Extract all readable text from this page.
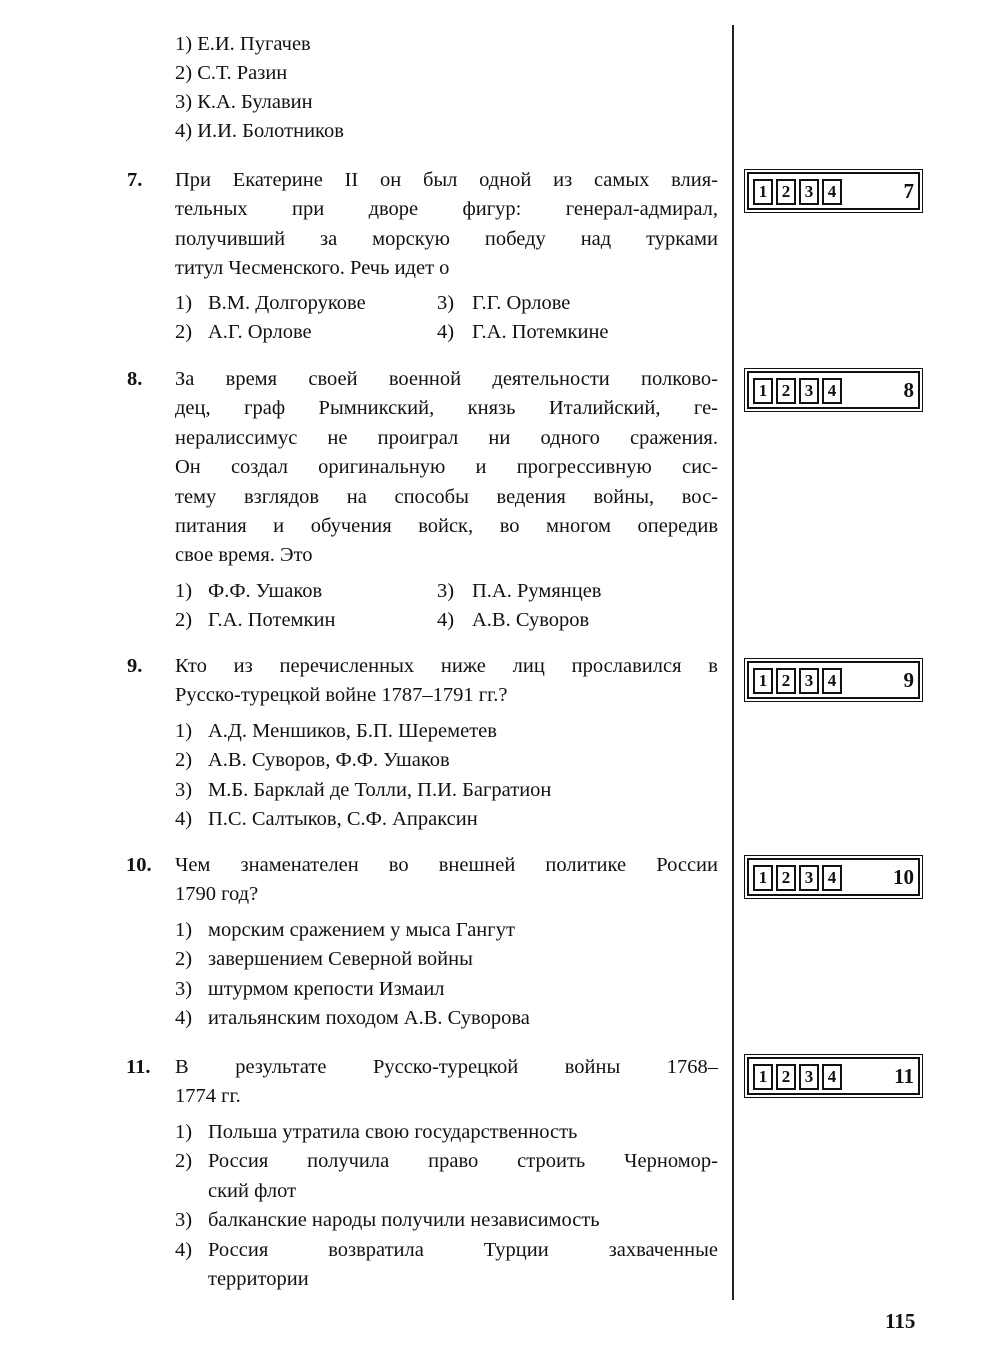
115
1) Е.И. Пугачев
2) С.Т. Разин
3) К.А. Булавин
4) И.И. Болотников
7. При Екатерине II он был одной из самых влия-
тельных при дворе фигур: генерал-адмирал,
получивший за морскую победу над турками
титул Чесменского. Речь идет о
1) В.М. Долгорукове
2) А.Г. Орлове
3) Г.Г. Орлове
4) Г.А. Потемкине
1 2 3 4	7
8. За время своей военной деятельности полково-
дец, граф Рымникский, князь Италийский, ге-
нералиссимус не проиграл ни одного сражения.
Он создал оригинальную и прогрессивную сис-
тему взглядов на способы ведения войны, вос-
питания и обучения войск, во многом опередив
свое время. Это
1) Ф.Ф. Ушаков
2) Г.А. Потемкин
3) П.А. Румянцев
4) А.В. Суворов
1 2 3 4	8
9. Кто из перечисленных ниже лиц прославился в
Русско-турецкой войне 1787–1791 гг.?
1) А.Д. Меншиков, Б.П. Шереметев
2) А.В. Суворов, Ф.Ф. Ушаков
3) М.Б. Барклай де Толли, П.И. Багратион
4) П.С. Салтыков, С.Ф. Апраксин
1 2 3 4	9
10. Чем знаменателен во внешней политике России
1790 год?
1) морским сражением у мыса Гангут
2) завершением Северной войны
3) штурмом крепости Измаил
4) итальянским походом А.В. Суворова
1 2 3 4	10
11. В результате Русско-турецкой войны 1768–
1774 гг.
1) Польша утратила свою государственность
2) Россия получила право строить Черномор-
ский флот
3) балканские народы получили независимость
4) Россия возвратила Турции захваченные
территории
1 2 3 4	11
